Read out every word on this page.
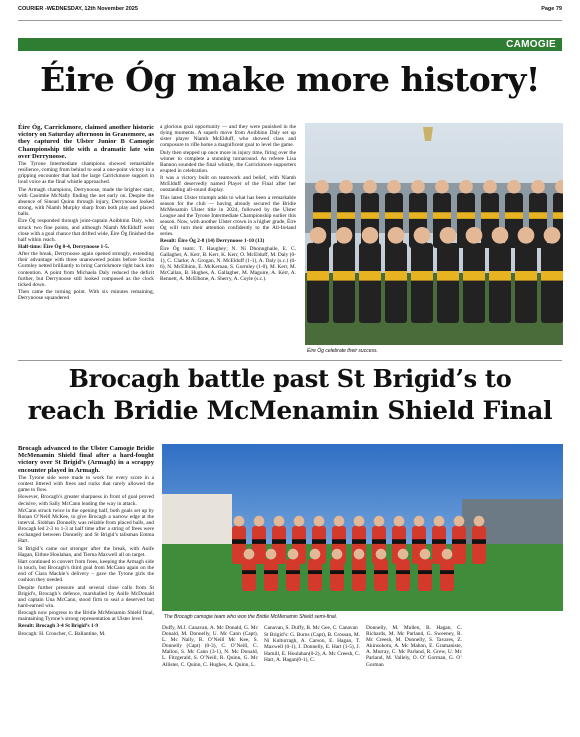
COURIER -WEDNESDAY, 12th November 2025	Page 79
CAMOGIE
Éire Óg make more history!

Éire Óg, Carrickmore, claimed another historic victory on Saturday afternoon in Granemore, as they captured the Ulster Junior B Camogie Championship title with a dramatic late win over Derrynoose.

The Tyrone Intermediate champions showed remarkable resilience, coming from behind to seal a one-point victory in a gripping encounter that had the large Carrickmore support in loud voice as the final whistle approached.

The Armagh champions, Derrynoose, made the brighter start, with Caoimhe McNally finding the net early on. Despite the absence of Sinead Quinn through injury, Derrynoose looked strong, with Niamh Murphy sharp from both play and placed balls.

Éire Óg responded through joint-captain Aoibhinn Daly, who struck two fine points, and although Niamh McElduff went close with a goal chance that drifted wide, Éire Óg finished the half within reach.

Half-time: Éire Óg 0-4, Derrynoose 1-5.

After the break, Derrynoose again opened strongly, extending their advantage with three unanswered points before Sorcha Gormley netted brilliantly to bring Carrickmore right back into contention. A point from Michaela Daly reduced the deficit further, but Derrynoose still looked composed as the clock ticked down.

Then came the turning point. With six minutes remaining, Derrynoose squandered

a glorious goal opportunity — and they were punished in the dying moments. A superb move from Aoibhinn Daly set up sister player Niamh McElduff, who showed class and composure to rifle home a magnificent goal to level the game.

Duly then stepped up once more in injury time, firing over the winner to complete a stunning turnaround. As referee Lisa Bannon sounded the final whistle, the Carrickmore supporters erupted in celebration.

It was a victory built on teamwork and belief, with Niamh McElduff deservedly named Player of the Final after her outstanding all-round display.

This latest Ulster triumph adds to what has been a remarkable season for the club — having already secured the Bridie McMenamin Ulster title in 2024, followed by the Ulster League and the Tyrone Intermediate Championship earlier this season. Now, with another Ulster crown in a higher grade, Éire Óg will turn their attention confidently to the All-Ireland series.

Result: Éire Óg 2-8 (14) Derrynoose 1-10 (13)

Éire Óg team: T. Haughey; N. Ní Dhonnghaile, E. C. Gallagher, A. Kerr, B. Kerr, K. Kerr, O. McElduff, M. Daly (0-1), C. Clarke; A. Grogan, N. McElduff (1-1), A. Daly (s.c.) (0-6), N. McElhinn, E. McKernan, S. Gormley (1-0), M. Kerr, M. McCallan, B. Hughes, A. Gallagher, M. Maguire, A. Kerr, A. Bennett, A. McElhone, A. Sherry, A. Coyle (s.c.).

Éire Óg celebrate their success.
Brocagh battle past St Brigid’s to
reach Bridie McMenamin Shield Final

Brocagh advanced to the Ulster Camogie Bridie McMenamin Shield final after a hard-fought victory over St Brigid’s (Armagh) in a scrappy encounter played in Armagh.

The Tyrone side were made to work for every score in a contest littered with frees and rucks that rarely allowed the game to flow.

However, Brocagh’s greater sharpness in front of goal proved decisive, with Sally McCann leading the way in attack.

McCann struck twice in the opening half, both goals set up by Ronan O’Neill McKee, to give Brocagh a narrow edge at the interval. Siobhan Donnelly was reliable from placed balls, and Brocagh led 2-3 to 1-3 at half time after a string of frees were exchanged between Donnelly and St Brigid’s talisman Emma Hart.

St Brigid’s came out stronger after the break, with Aoife Hagan, Eithne Houlahan, and Tierna Maxwell all on target.

Hart continued to convert from frees, keeping the Armagh side in touch, but Brocagh’s third goal from McCann again on the end of Ciara Mackle’s delivery – gave the Tyrone girls the cushion they needed.

Despite further pressure and several close calls from St Brigid’s, Brocagh’s defence, marshalled by Aoife McDonald and captain Una McCann, stood firm to seal a deserved but hard-earned win.

Brocagh now progress to the Bridie McMenamin Shield final, maintaining Tyrone’s strong representation at Ulster level.

Result: Brocagh 3-4 St Brigid’s 1-9

Brocagh: H. Croucher, C. Ballantine, M.

The Brocagh camogie team who won the Bridie McMenamin Shield semi-final.

Duffy, M.J. Canavan, A. Mc Donald, G. Mc Donald, M. Donnelly, U. Mc Cann (Capt), L. Mc Nally, R. O’Neill Mc Kee, S. Donnelly (Capt) (0-3), C. O’Neill, C. Mallon, S. Mc Cann (3-1), N. Mc Donald, L. Fitzgerald, S. O’Neill, R. Quinn, G. Mc Allister, C. Quinn, C. Hughes, A. Quinn, L.

Canavan, S. Duffy, B. Mc Gee, C. Canavan

St Brigid’s: G. Burns (Capt), B. Crossan, M. Ní Kulturragh, A. Carson, E. Hagan, T. Maxwell (0-1), J. Donnelly, E. Hart (1-5), J. Hamill, E. Houlahan(0-2), A. Mc Creesh, C. Hart, A. Hagan(0-1), C.

Donnelly, M. Mullen, B. Hagan, C. Richards, M. Mc Parland, G. Sweeney, R. Mc Creesh, M. Donnelly, S. Tavares, Z. Akinsokotu, A. Mc Mahon, E. Gramaniste, A. Murray, C. Mc Parland, R. Grew, U. Mc Parland, M. Vallely, O. O’ Gorman, G. O’ Gorman
